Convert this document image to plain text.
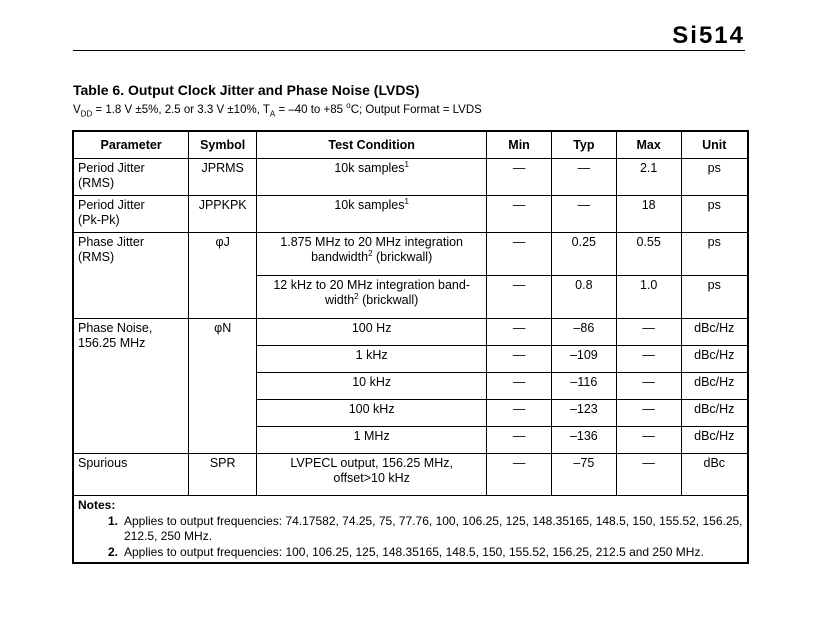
Si514
Table 6. Output Clock Jitter and Phase Noise (LVDS)
$V_{DD} = 1.8$ V ±5%, 2.5 or 3.3 V ±10%, $T_A = -40$ to +85 $^o$C; Output Format = LVDS
Parameter	Symbol	Test Condition	Min	Typ	Max	Unit
Period Jitter
(RMS)	JPRMS	10k samples$^1$	—	—	2.1	ps
Period Jitter
(Pk-Pk)	JPPKPK	10k samples$^1$	—	—	18	ps
Phase Jitter
(RMS)	φJ	1.875 MHz to 20 MHz integration
bandwidth$^2$ (brickwall)	—	0.25	0.55	ps
		12 kHz to 20 MHz integration band-
width$^2$ (brickwall)	—	0.8	1.0	ps
Phase Noise,
156.25 MHz	φN	100 Hz	—	–86	—	dBc/Hz
		1 kHz	—	–109	—	dBc/Hz
		10 kHz	—	–116	—	dBc/Hz
		100 kHz	—	–123	—	dBc/Hz
		1 MHz	—	–136	—	dBc/Hz
Spurious	SPR	LVPECL output, 156.25 MHz,
offset>10 kHz	—	–75	—	dBc

Notes:
1. Applies to output frequencies: 74.17582, 74.25, 75, 77.76, 100, 106.25, 125, 148.35165, 148.5, 150, 155.52, 156.25, 212.5, 250 MHz.
2. Applies to output frequencies: 100, 106.25, 125, 148.35165, 148.5, 150, 155.52, 156.25, 212.5 and 250 MHz.						
